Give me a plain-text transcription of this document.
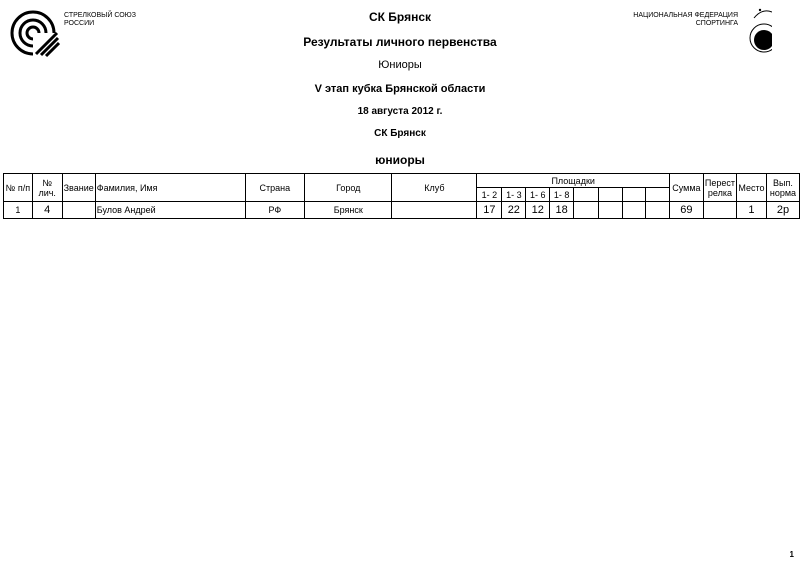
СТРЕЛКОВЫЙ СОЮЗ
РОССИИ
НАЦИОНАЛЬНАЯ ФЕДЕРАЦИЯ
СПОРТИНГА
СК Брянск
Результаты личного первенства
Юниоры
V этап кубка Брянской области
18 августа 2012 г.
СК Брянск
юниоры
№ п/п	№ лич.	Звание	Фамилия, Имя	Страна	Город	Клуб	Площадки								Сумма	Перест релка	Место	Вып. норма
							1- 2	1- 3	1- 6	1- 8								
1	4		Булов Андрей	РФ	Брянск		17	22	12	18					69		1	2р
1
